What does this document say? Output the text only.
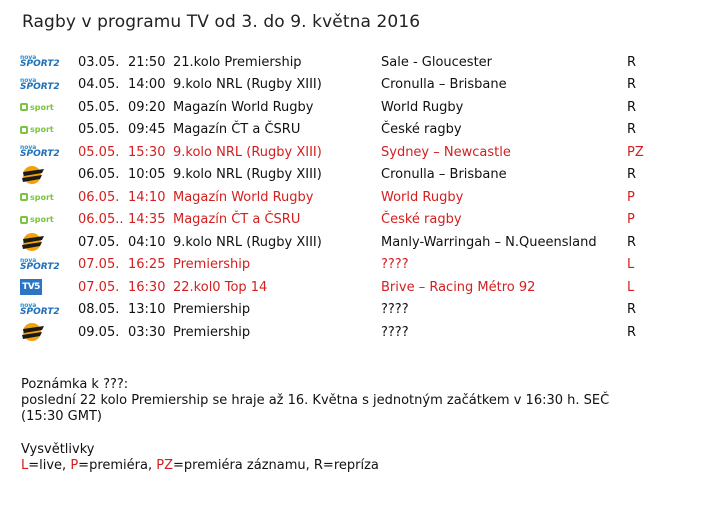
Ragby v programu TV od 3. do 9. května 2016
nova
SPORT2 03.05. 21:50 21.kolo Premiership	Sale - Gloucester	R
nova
SPORT2 04.05. 14:00 9.kolo NRL (Rugby XIII)	Cronulla – Brisbane	R
sport 05.05. 09:20 Magazín World Rugby	World Rugby	R
sport 05.05. 09:45 Magazín ČT a ČSRU	České ragby	R
nova
SPORT2 05.05. 15:30 9.kolo NRL (Rugby XIII)	Sydney – Newcastle	PZ
06.05. 10:05 9.kolo NRL (Rugby XIII)	Cronulla – Brisbane	R
sport 06.05. 14:10 Magazín World Rugby	World Rugby	P
sport 06.05.. 14:35 Magazín ČT a ČSRU	České ragby	P
07.05. 04:10 9.kolo NRL (Rugby XIII)	Manly-Warringah – N.Queensland	R
nova
SPORT2 07.05. 16:25 Premiership	????	L
TV5	07.05. 16:30 22.kol0 Top 14	Brive – Racing Métro 92	L
nova
SPORT2 08.05. 13:10 Premiership	????	R
09.05. 03:30 Premiership	????	R

Poznámka k ???:

poslední 22 kolo Premiership se hraje až 16. Května s jednotným začátkem v 16:30 h. SEČ

(15:30 GMT)

Vysvětlivky
L=live, P=premiéra, PZ=premiéra záznamu, R=repríza
